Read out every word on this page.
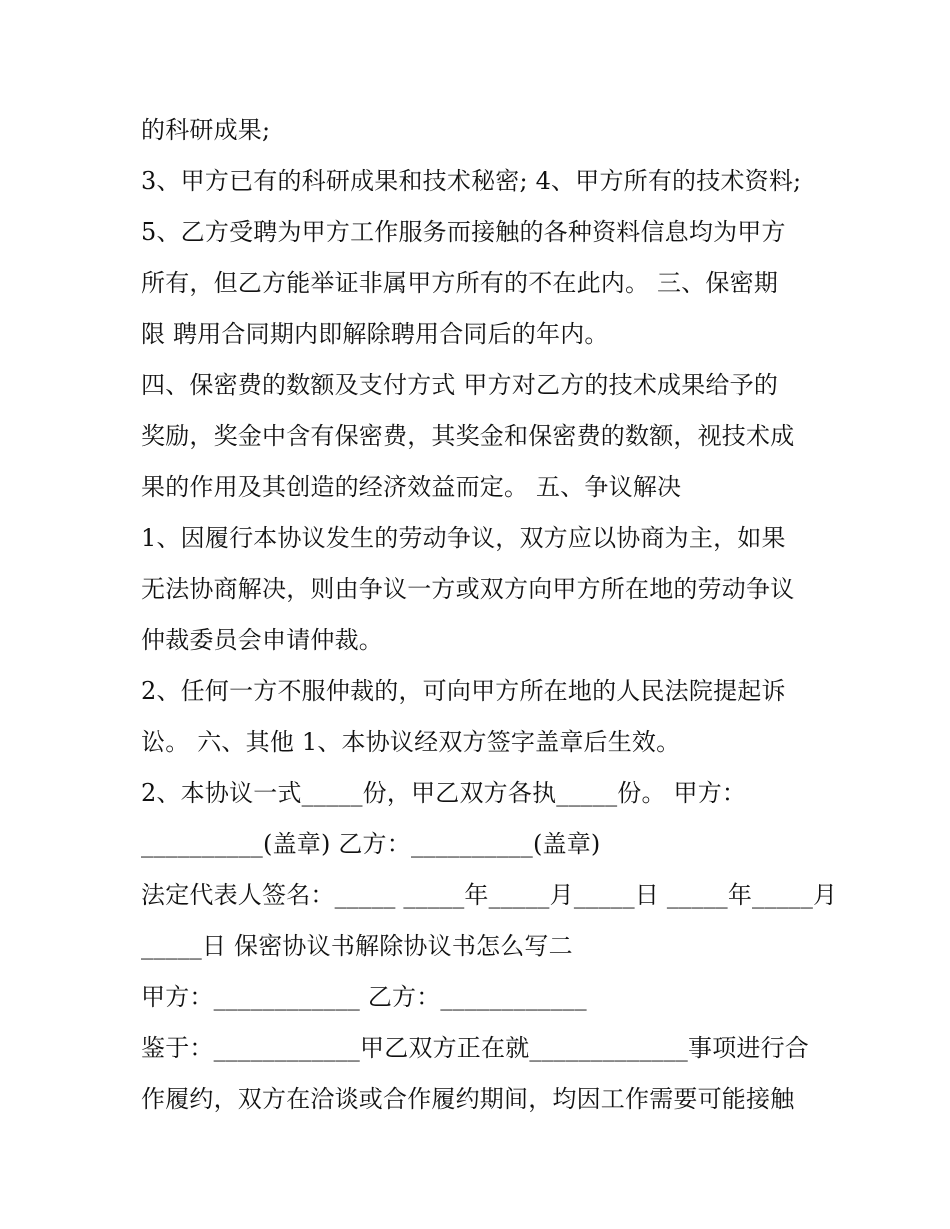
的科研成果;
3、甲方已有的科研成果和技术秘密; 4、甲方所有的技术资料;
5、乙方受聘为甲方工作服务而接触的各种资料信息均为甲方
所有，但乙方能举证非属甲方所有的不在此内。 三、保密期
限 聘用合同期内即解除聘用合同后的年内。
四、保密费的数额及支付方式 甲方对乙方的技术成果给予的
奖励，奖金中含有保密费，其奖金和保密费的数额，视技术成
果的作用及其创造的经济效益而定。 五、争议解决
1、因履行本协议发生的劳动争议，双方应以协商为主，如果
无法协商解决，则由争议一方或双方向甲方所在地的劳动争议
仲裁委员会申请仲裁。
2、任何一方不服仲裁的，可向甲方所在地的人民法院提起诉
讼。 六、其他 1、本协议经双方签字盖章后生效。
2、本协议一式_____份，甲乙双方各执_____份。 甲方：
__________(盖章) 乙方：__________(盖章)
法定代表人签名：_____ _____年_____月_____日 _____年_____月
_____日 保密协议书解除协议书怎么写二
甲方：____________ 乙方：____________
鉴于：____________甲乙双方正在就_____________事项进行合
作履约，双方在洽谈或合作履约期间，均因工作需要可能接触
